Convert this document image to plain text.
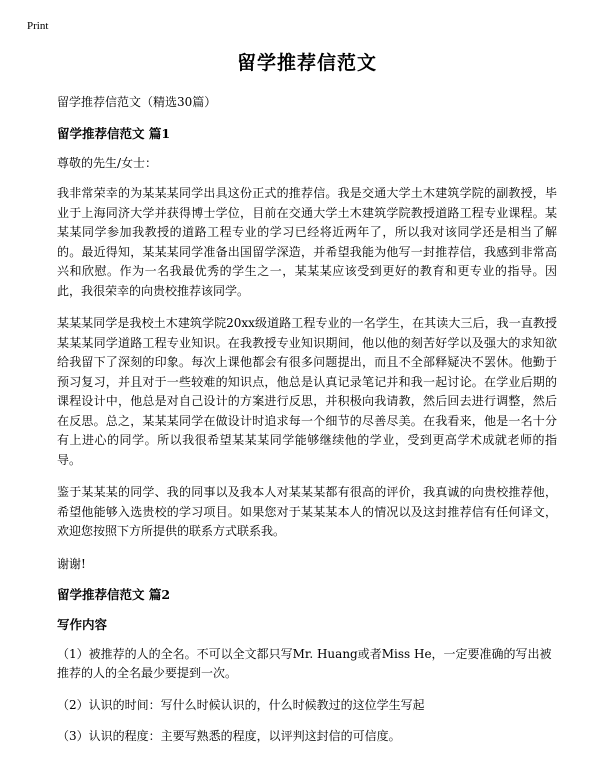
Print
留学推荐信范文

留学推荐信范文（精选30篇）

留学推荐信范文 篇1

尊敬的先生/女士：

我非常荣幸的为某某某同学出具这份正式的推荐信。我是交通大学土木建筑学院的副教授，毕业于上海同济大学并获得博士学位，目前在交通大学土木建筑学院教授道路工程专业课程。某某某同学参加我教授的道路工程专业的学习已经将近两年了，所以我对该同学还是相当了解的。最近得知，某某某同学准备出国留学深造，并希望我能为他写一封推荐信，我感到非常高兴和欣慰。作为一名我最优秀的学生之一，某某某应该受到更好的教育和更专业的指导。因此，我很荣幸的向贵校推荐该同学。

某某某同学是我校土木建筑学院20xx级道路工程专业的一名学生，在其读大三后，我一直教授某某某同学道路工程专业知识。在我教授专业知识期间，他以他的刻苦好学以及强大的求知欲给我留下了深刻的印象。每次上课他都会有很多问题提出，而且不全部释疑决不罢休。他勤于预习复习，并且对于一些较难的知识点，他总是认真记录笔记并和我一起讨论。在学业后期的课程设计中，他总是对自己设计的方案进行反思，并积极向我请教，然后回去进行调整，然后在反思。总之，某某某同学在做设计时追求每一个细节的尽善尽美。在我看来，他是一名十分有上进心的同学。所以我很希望某某某同学能够继续他的学业，受到更高学术成就老师的指导。

鉴于某某某的同学、我的同事以及我本人对某某某都有很高的评价，我真诚的向贵校推荐他，希望他能够入选贵校的学习项目。如果您对于某某某本人的情况以及这封推荐信有任何译文，欢迎您按照下方所提供的联系方式联系我。

谢谢!

留学推荐信范文 篇2

写作内容

（1）被推荐的人的全名。不可以全文都只写Mr. Huang或者Miss He，一定要准确的写出被推荐的人的全名最少要提到一次。

（2）认识的时间：写什么时候认识的，什么时候教过的这位学生写起

（3）认识的程度：主要写熟悉的程度，以评判这封信的可信度。
